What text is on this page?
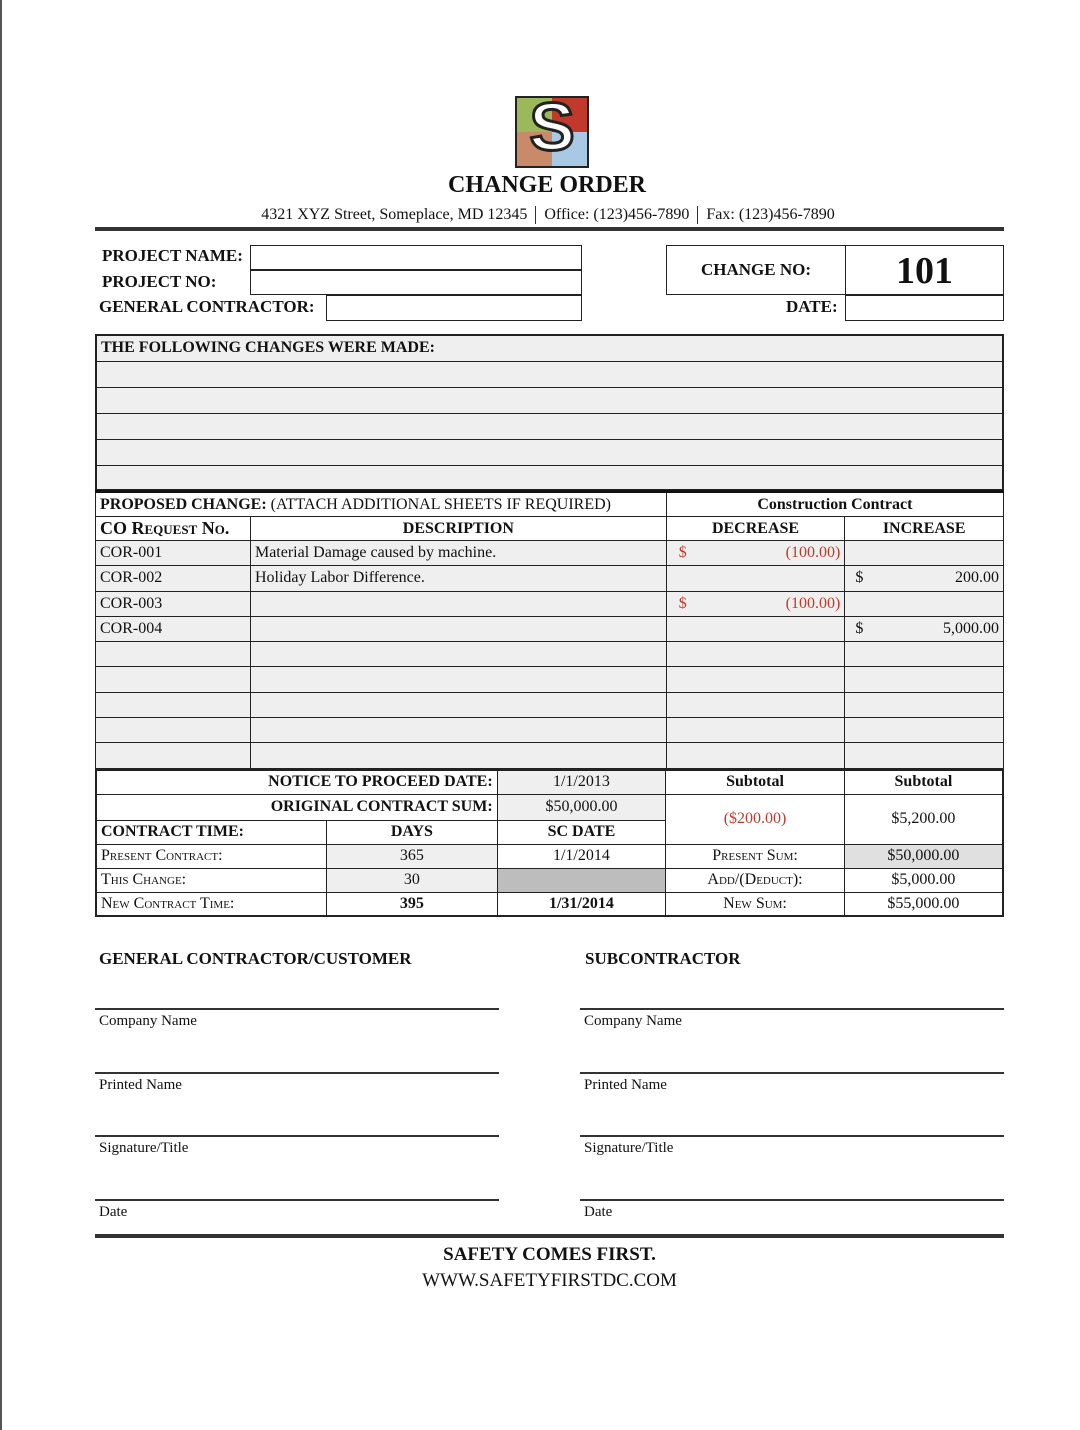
S
CHANGE ORDER
4321 XYZ Street, Someplace, MD 12345 Office: (123)456-7890 Fax: (123)456-7890
PROJECT NAME:
PROJECT NO:
GENERAL CONTRACTOR:
CHANGE NO:	101
DATE:
THE FOLLOWING CHANGES WERE MADE:

PROPOSED CHANGE: (ATTACH ADDITIONAL SHEETS IF REQUIRED)		Construction Contract	
CO Request No.	DESCRIPTION	DECREASE	INCREASE
COR-001	Material Damage caused by machine.	$ (100.00)	

COR-002	Holiday Labor Difference.		$ 200.00

COR-003		$ (100.00)	

COR-004			$ 5,000.00

NOTICE TO PROCEED DATE:		1/1/2013	Subtotal	Subtotal
ORIGINAL CONTRACT SUM:		$50,000.00	($200.00)	$5,200.00
CONTRACT TIME:	DAYS	SC DATE		
Present Contract:	365	1/1/2014	Present Sum:	$50,000.00
This Change:	30		Add/(Deduct):	$5,000.00
New Contract Time:	395	1/31/2014	New Sum:	$55,000.00
GENERAL CONTRACTOR/CUSTOMER	SUBCONTRACTOR
Company Name
Printed Name
Signature/Title
Date
Company Name
Printed Name
Signature/Title
Date
SAFETY COMES FIRST.
WWW.SAFETYFIRSTDC.COM
